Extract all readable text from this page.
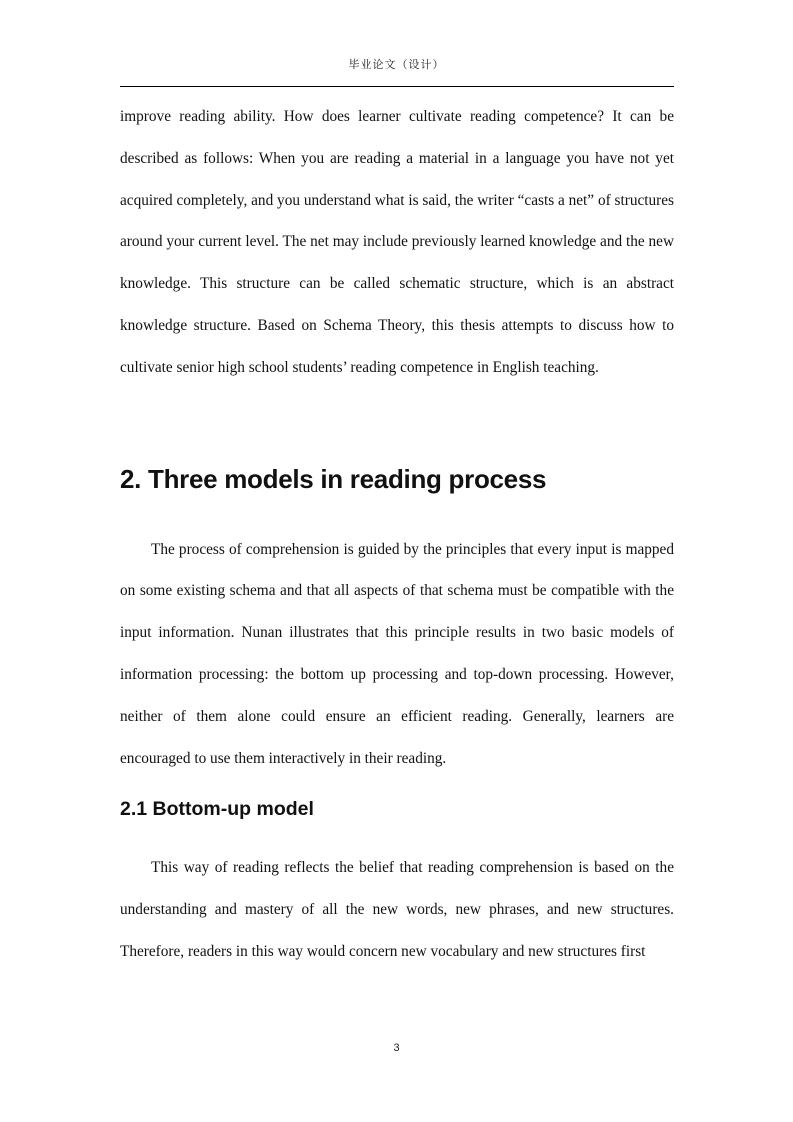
毕业论文（设计）

improve reading ability. How does learner cultivate reading competence? It can be described as follows: When you are reading a material in a language you have not yet acquired completely, and you understand what is said, the writer “casts a net” of structures around your current level. The net may include previously learned knowledge and the new knowledge. This structure can be called schematic structure, which is an abstract knowledge structure. Based on Schema Theory, this thesis attempts to discuss how to cultivate senior high school students’ reading competence in English teaching.

2. Three models in reading process

The process of comprehension is guided by the principles that every input is mapped on some existing schema and that all aspects of that schema must be compatible with the input information. Nunan illustrates that this principle results in two basic models of information processing: the bottom up processing and top-down processing. However, neither of them alone could ensure an efficient reading. Generally, learners are encouraged to use them interactively in their reading.

2.1 Bottom-up model

This way of reading reflects the belief that reading comprehension is based on the understanding and mastery of all the new words, new phrases, and new structures. Therefore, readers in this way would concern new vocabulary and new structures first

3
